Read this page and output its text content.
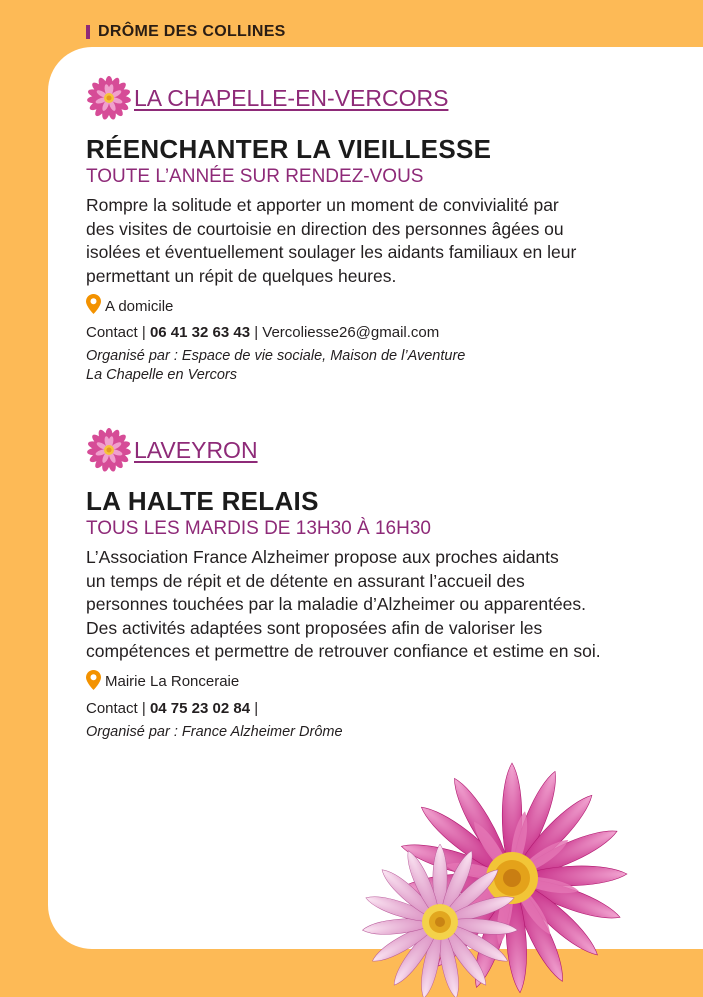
DRÔME DES COLLINES
LA CHAPELLE-EN-VERCORS
RÉENCHANTER LA VIEILLESSE
TOUTE L’ANNÉE SUR RENDEZ-VOUS
Rompre la solitude et apporter un moment de convivialité par
des visites de courtoisie en direction des personnes âgées ou
isolées et éventuellement soulager les aidants familiaux en leur
permettant un répit de quelques heures.
A domicile
Contact | 06 41 32 63 43 | Vercoliesse26@gmail.com
Organisé par : Espace de vie sociale, Maison de l’Aventure
La Chapelle en Vercors
LAVEYRON
LA HALTE RELAIS
TOUS LES MARDIS DE 13H30 À 16H30
L’Association France Alzheimer propose aux proches aidants
un temps de répit et de détente en assurant l’accueil des
personnes touchées par la maladie d’Alzheimer ou apparentées.
Des activités adaptées sont proposées afin de valoriser les
compétences et permettre de retrouver confiance et estime en soi.
Mairie La Ronceraie
Contact | 04 75 23 02 84 |
Organisé par : France Alzheimer Drôme
